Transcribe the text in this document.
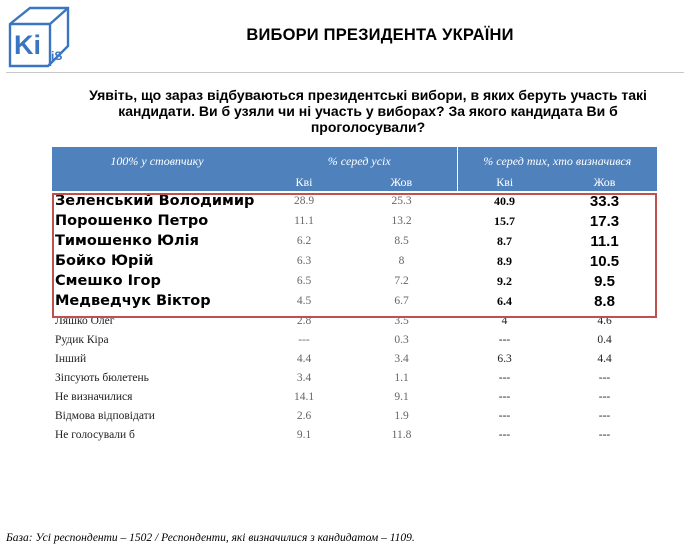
Ki iS
ВИБОРИ ПРЕЗИДЕНТА УКРАЇНИ
Уявіть, що зараз відбуваються президентські вибори, в яких беруть участь такі кандидати. Ви б узяли чи ні участь у виборах? За якого кандидата Ви б проголосували?
100% у стовпчику	% серед усіх		% серед тих, хто визначився	
	Кві	Жов	Кві	Жов
Зеленський Володимир	28.9	25.3	40.9	33.3
Порошенко Петро	11.1	13.2	15.7	17.3
Тимошенко Юлія	6.2	8.5	8.7	11.1
Бойко Юрій	6.3	8	8.9	10.5
Смешко Ігор	6.5	7.2	9.2	9.5
Медведчук Віктор	4.5	6.7	6.4	8.8
Ляшко Олег	2.8	3.5	4	4.6
Рудик Кіра	---	0.3	---	0.4
Інший	4.4	3.4	6.3	4.4
Зіпсують бюлетень	3.4	1.1	---	---
Не визначилися	14.1	9.1	---	---
Відмова відповідати	2.6	1.9	---	---
Не голосували б	9.1	11.8	---	---
База: Усі респонденти – 1502 / Респонденти, які визначилися з кандидатом – 1109.
